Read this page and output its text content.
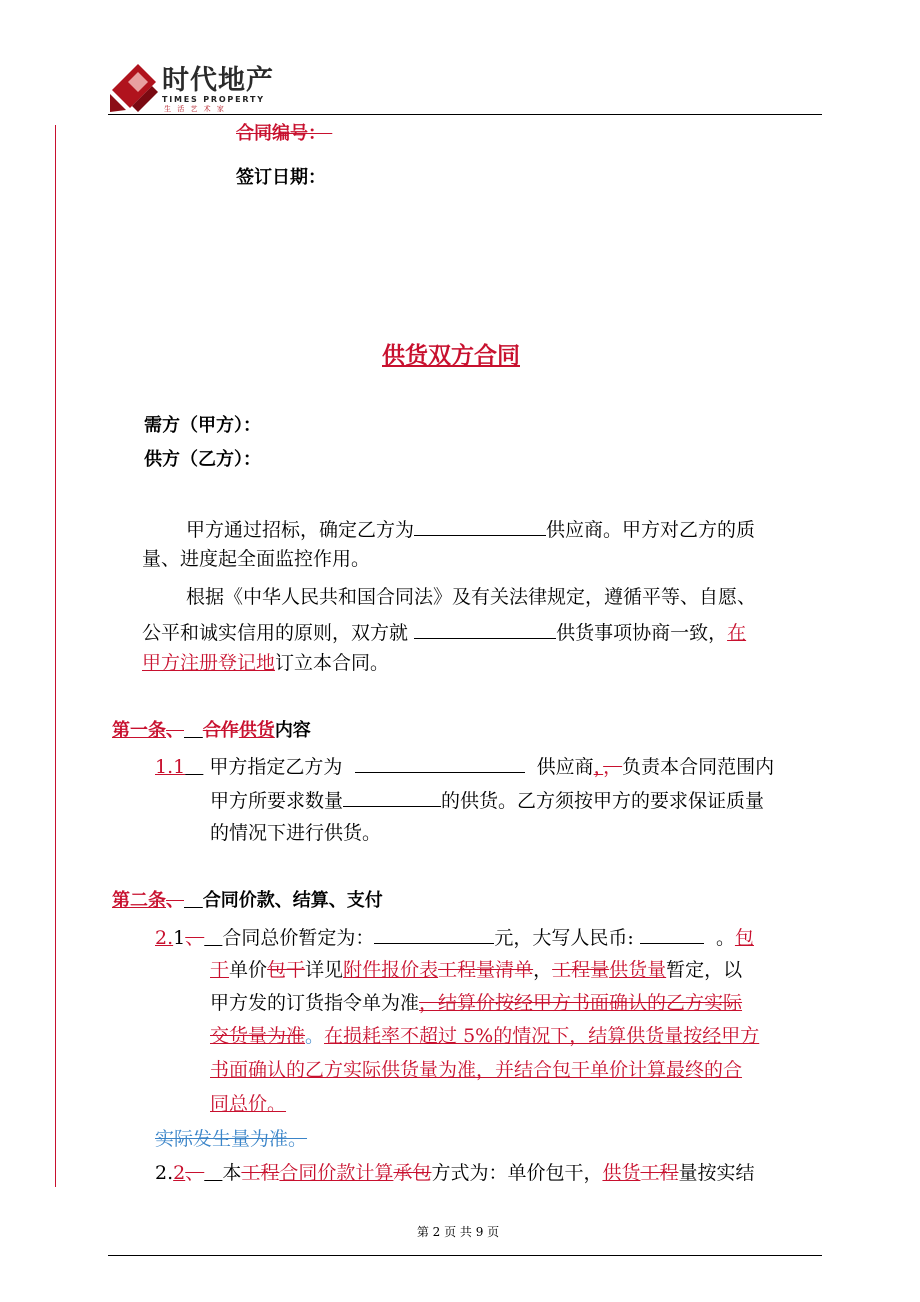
时代地产
TIMES PROPERTY
生 活 艺 术 家
合同编号：
签订日期：
供货双方合同
需方（甲方）：
供方（乙方）：
甲方通过招标，确定乙方为	供应商。甲方对乙方的质
量、进度起全面监控作用。
根据《中华人民共和国合同法》及有关法律规定，遵循平等、自愿、
公平和诚实信用的原则，双方就	供货事项协商一致，在
甲方注册登记地订立本合同。
第一条、 合作供货内容
1.1 甲方指定乙方为	供应商，，负责本合同范围内
甲方所要求数量	的供货。乙方须按甲方的要求保证质量
的情况下进行供货。
第二条、 合同价款、结算、支付
2.1、 合同总价暂定为：	元，大写人民币:	。包
干单价包干详见附件报价表工程量清单，工程量供货量暂定，以
甲方发的订货指令单为准，结算价按经甲方书面确认的乙方实际
交货量为准。在损耗率不超过 5%的情况下，结算供货量按经甲方
书面确认的乙方实际供货量为准，并结合包干单价计算最终的合
同总价。
实际发生量为准。
2.2、 本工程合同价款计算承包方式为：单价包干，供货工程量按实结
第 2 页 共 9 页
